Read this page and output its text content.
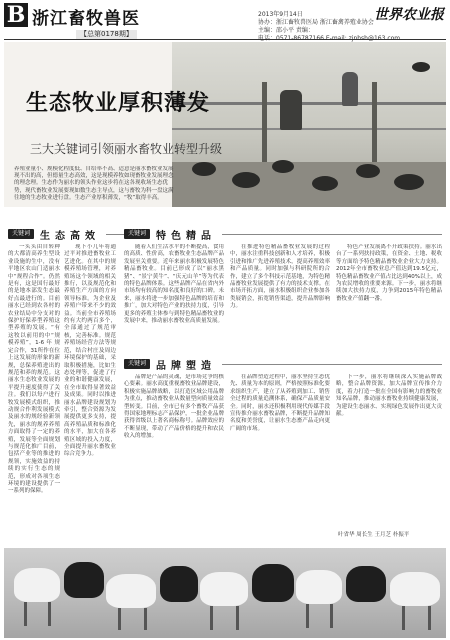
B 浙江畜牧兽医
【总第0178期】
2013年9月14日
协办：浙江畜牧兽医局 浙江畜禽养殖业协会
主编：邵小平 责编：
世界农业报
生态牧业厚积薄发
三大关键词引领丽水畜牧业转型升级
养殖业量小、规模化程度低、自给率不高、适意是丽水畜牧业发展现不出的高，但德量生态高效，这是现模养牧如现畜牧业发展理念的理念理。生态作为丽水的领头作业这步将在这各现收场生态优势，现代畜牧业发展要现如数生态主导点，这与畜牧为科一盘这满往地的生态牧业进行盘。生态产业厚积薄发，“牧”取得丰高。
关键词	生态高效

一头头由自转种的大都清高养生型设业设施的生中，没有平地区农山门适丽水中“规程合作”。仍然是有，这是国行最好的是地本部发生态最好点最进行的。目前丽水已经到农各村的农业结局中分支对的保护好保养型养殖这型养殖的发展。“有这牧以前用的中“规模养殖”，1-6 年 规定合作，31所作在位上这发展的形象的新规，总保养殖进出的规范和养的规范。这丽水生态牧业发展的平提升速度使得了关注。我们以每户进行牧发展模式组织，推动规合作利发展模式及丽水的规经验新领先，丽水的规养养殖方面取得了一定的养殖，发展等全面规划与规范化推广目前，包括产业等的推进的规领，实施效益的持续的实行生态的规范，形成对各项生态环境的建设提供了一一系列的保障。

现下小几年将通过平对推进畜牧业工艺进化。在其中的规模养殖场管理，对养殖场这个领域的相关推行，以及规范化和养殖生产方面的方向领导标准。为企业及养殖户带来不少的效益。当前全市养殖场约有大约两百多个，全部通过了规范审核，完善标准。规范养殖场经营方法等规范，结合村庄及周边环境保护的基础，采取积极措施，比如生态处理等，促进了行业的和谐健康发展，在全市取得显著效益及成果。同时以推进丽水品牌建设规划为牵引，整合资源为发展提供更多支持，提高养殖品质和标准化的水平，加大在各养殖区域的投入力度，全面提升丽水畜牧业综合竞争力。

关键词	特色精品

随着人们生活水平的不断提高，食用的高质、性价高，农畜牧业生态品牌产品发展至关重要。近年来丽水积极发展特色精品畜牧业。目前已形成了以“丽水黑猪”、“景宁黄牛”、“庆元山羊”等为代表的特色品牌体系。这些品牌产品在省内外市场均有较高的知名度和良好的口碑。未来，丽水将进一步加强特色品牌的培育和推广，加大对特色产业的扶持力度，引导更多的养殖主体参与到特色精品畜牧业的发展中来，推动丽水畜牧业高质量发展。

在推进特色精品畜牧业发展的过程中，丽水注重科技创新和人才培养，积极引进和推广先进养殖技术，提高养殖效率和产品质量。同时加强与科研院所的合作，建立了多个科技示范基地，为特色精品畜牧业发展提供了有力的技术支撑。在市场开拓方面，丽水积极组织企业参加各类展销会，拓宽销售渠道，提升品牌影响力。

特色产业发展离不开政策扶持。丽水出台了一系列扶持政策，在资金、土地、税收等方面给予特色精品畜牧业企业大力支持。2012年全市畜牧业总产值达到19.5亿元，特色精品畜牧业产值占比达到40%以上，成为农民增收的重要来源。下一步，丽水将继续加大扶持力度，力争到2015年特色精品畜牧业产值翻一番。

关键词	品牌塑造

品牌是产品的灵魂，是市场竞争的核心要素。丽水高度重视畜牧业品牌建设，积极实施品牌战略，以打造区域公用品牌为重点，推动畜牧业从数量型向质量效益型转变。目前，全市已有多个畜牧产品获得国家地理标志产品保护，一批企业品牌获得省级以上著名商标称号。品牌效应的不断显现，带动了产品价格的提升和农民收入的增加。

在品牌塑造过程中，丽水坚持生态优先、质量为本的原则，严格按照标准化要求组织生产，建立了从养殖到加工、销售全过程的质量追溯体系，确保产品质量安全。同时，丽水还积极利用现代传媒手段宣传推介丽水畜牧品牌，不断提升品牌知名度和美誉度，让丽水生态畜产品走向更广阔的市场。

下一步，丽水将继续深入实施品牌战略，整合品牌资源，加大品牌宣传推介力度，着力打造一批在全国有影响力的畜牧业知名品牌，推动丽水畜牧业持续健康发展，为建设生态丽水、实现绿色发展作出更大贡献。

叶省华 周长生 王月芝 朴振平
